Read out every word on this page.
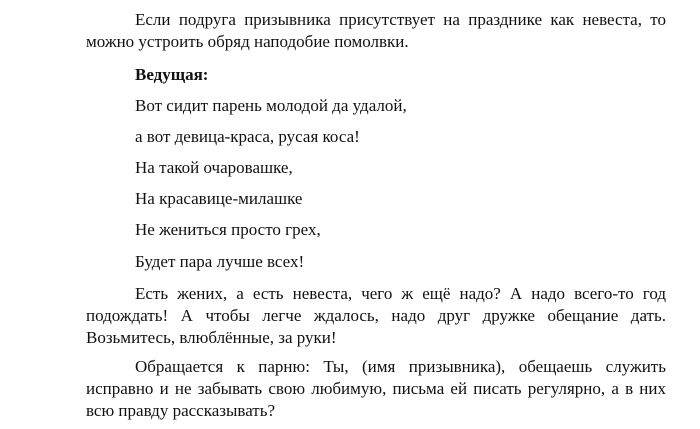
Если подруга призывника присутствует на празднике как невеста, то можно устроить обряд наподобие помолвки.

Ведущая:

Вот сидит парень молодой да удалой,

а вот девица-краса, русая коса!

На такой очаровашке,

На красавице-милашке

Не жениться просто грех,

Будет пара лучше всех!

Есть жених, а есть невеста, чего ж ещё надо? А надо всего-то год подождать! А чтобы легче ждалось, надо друг дружке обещание дать. Возьмитесь, влюблённые, за руки!

Обращается к парню: Ты, (имя призывника), обещаешь служить исправно и не забывать свою любимую, письма ей писать регулярно, а в них всю правду рассказывать?
